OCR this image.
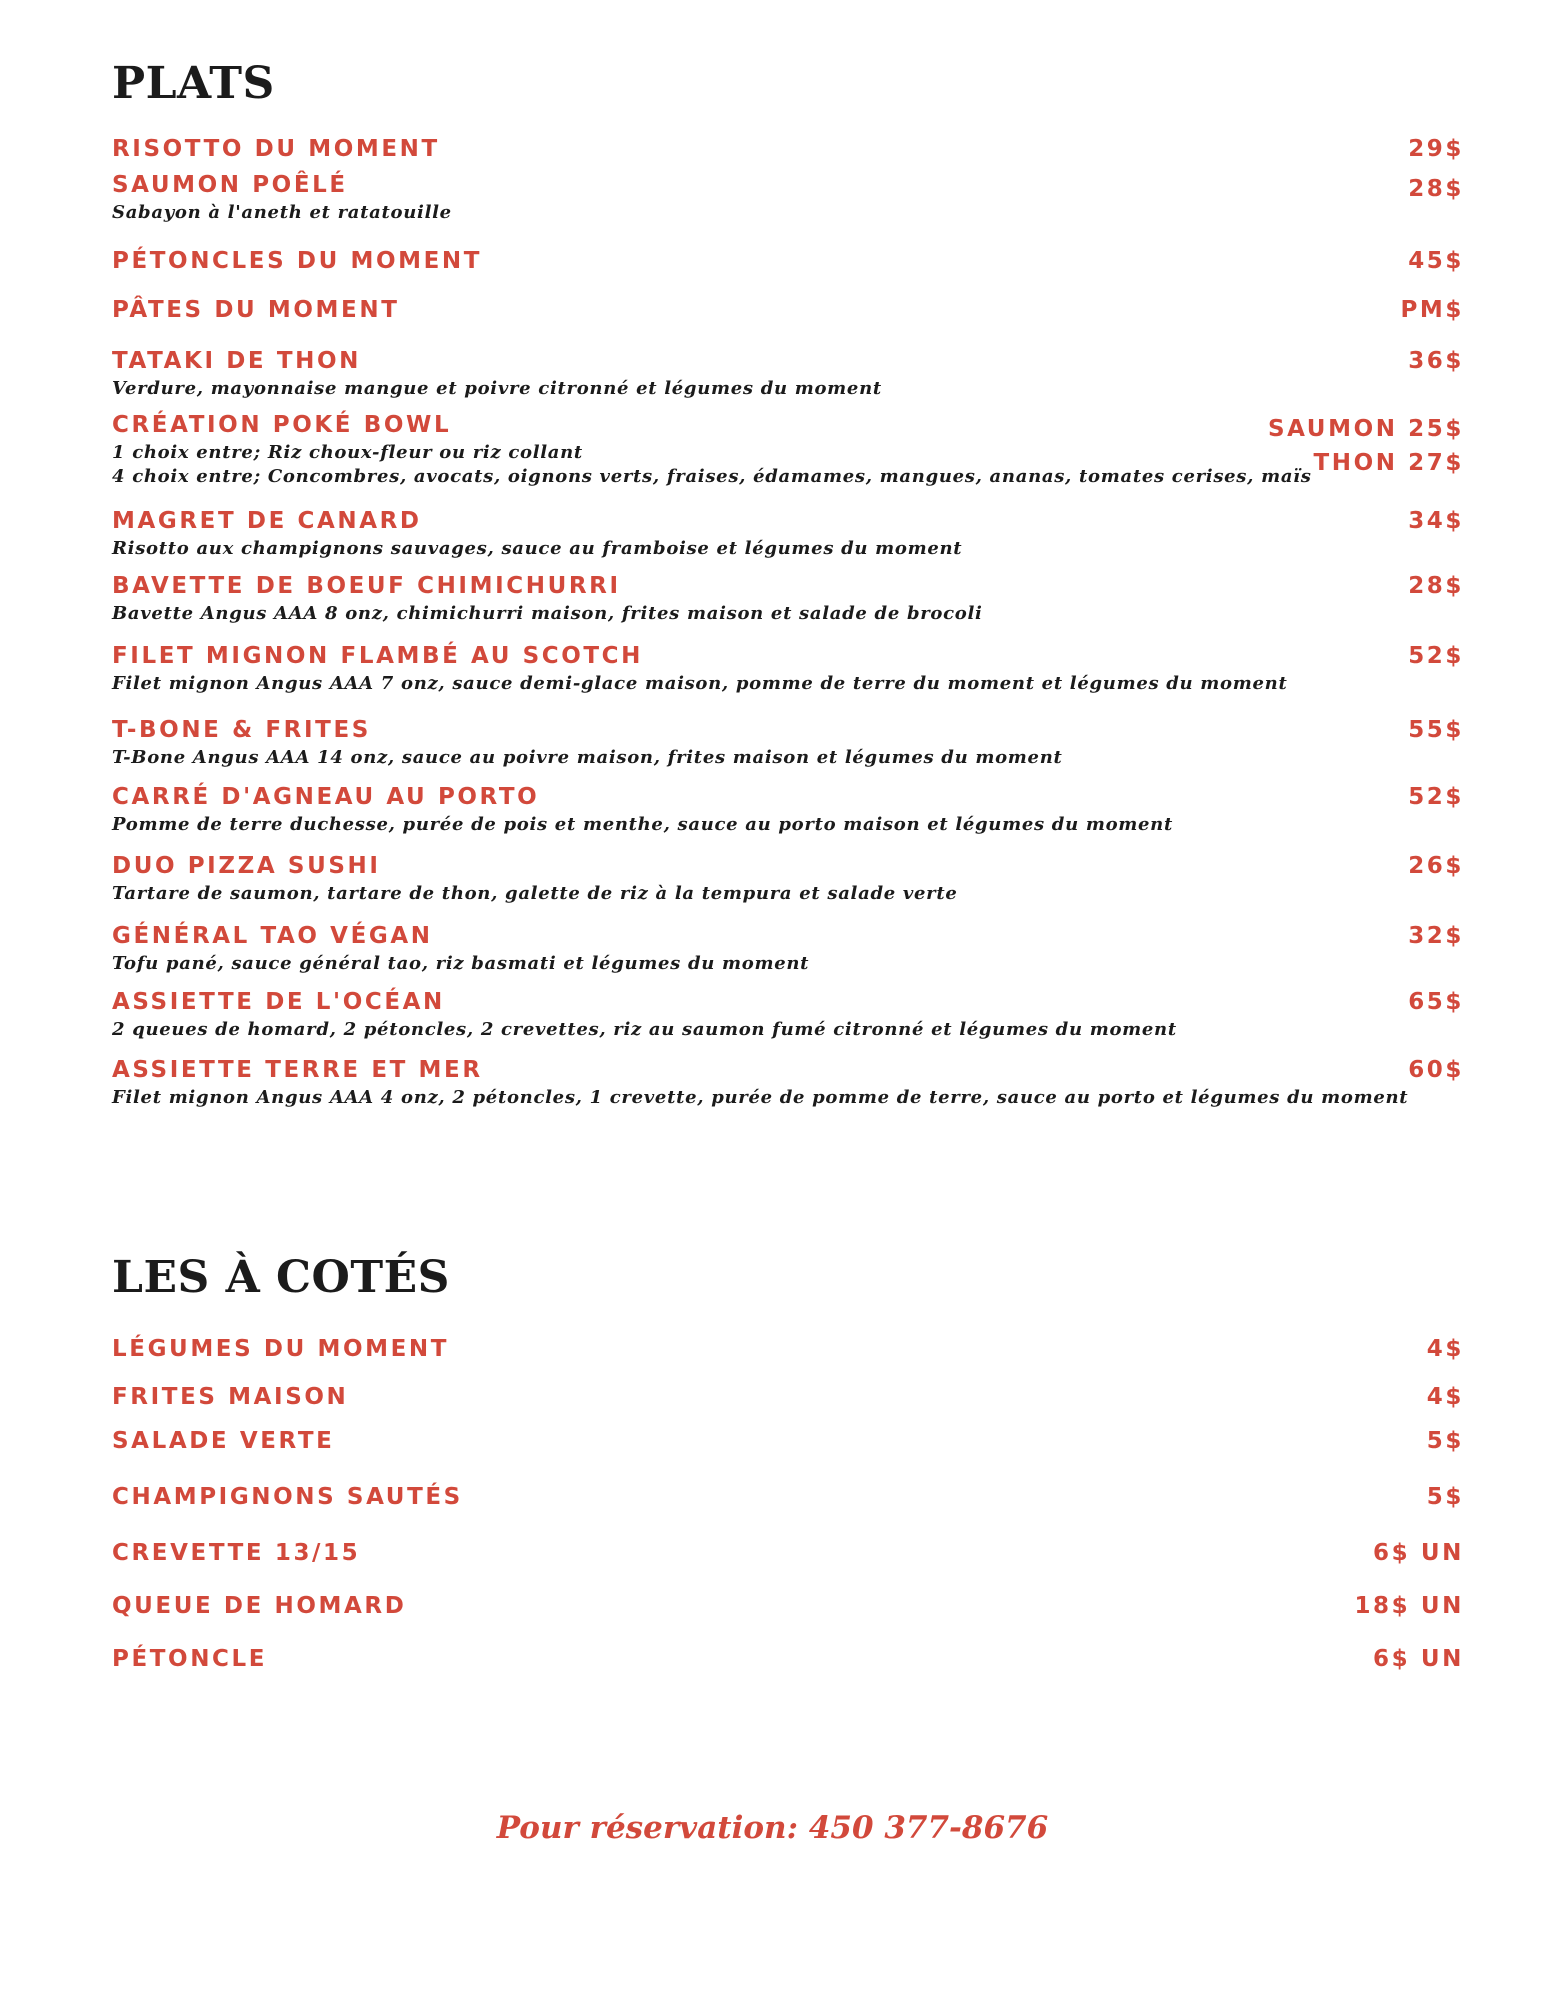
PLATS
RISOTTO DU MOMENT	29$
SAUMON POÊLÉ	28$
Sabayon à l'aneth et ratatouille
PÉTONCLES DU MOMENT	45$
PÂTES DU MOMENT	PM$
TATAKI DE THON	36$
Verdure, mayonnaise mangue et poivre citronné et légumes du moment
CRÉATION POKÉ BOWL	SAUMON 25$
THON 27$
1 choix entre; Riz choux-fleur ou riz collant
4 choix entre; Concombres, avocats, oignons verts, fraises, édamames, mangues, ananas, tomates cerises, maïs
MAGRET DE CANARD	34$
Risotto aux champignons sauvages, sauce au framboise et légumes du moment
BAVETTE DE BOEUF CHIMICHURRI	28$
Bavette Angus AAA 8 onz, chimichurri maison, frites maison et salade de brocoli
FILET MIGNON FLAMBÉ AU SCOTCH	52$
Filet mignon Angus AAA 7 onz, sauce demi-glace maison, pomme de terre du moment et légumes du moment
T-BONE & FRITES	55$
T-Bone Angus AAA 14 onz, sauce au poivre maison, frites maison et légumes du moment
CARRÉ D'AGNEAU AU PORTO	52$
Pomme de terre duchesse, purée de pois et menthe, sauce au porto maison et légumes du moment
DUO PIZZA SUSHI	26$
Tartare de saumon, tartare de thon, galette de riz à la tempura et salade verte
GÉNÉRAL TAO VÉGAN	32$
Tofu pané, sauce général tao, riz basmati et légumes du moment
ASSIETTE DE L'OCÉAN	65$
2 queues de homard, 2 pétoncles, 2 crevettes, riz au saumon fumé citronné et légumes du moment
ASSIETTE TERRE ET MER	60$
Filet mignon Angus AAA 4 onz, 2 pétoncles, 1 crevette, purée de pomme de terre, sauce au porto et légumes du moment
LES À COTÉS
LÉGUMES DU MOMENT	4$
FRITES MAISON	4$
SALADE VERTE	5$
CHAMPIGNONS SAUTÉS	5$
CREVETTE 13/15	6$ UN
QUEUE DE HOMARD	18$ UN
PÉTONCLE	6$ UN
Pour réservation: 450 377-8676
